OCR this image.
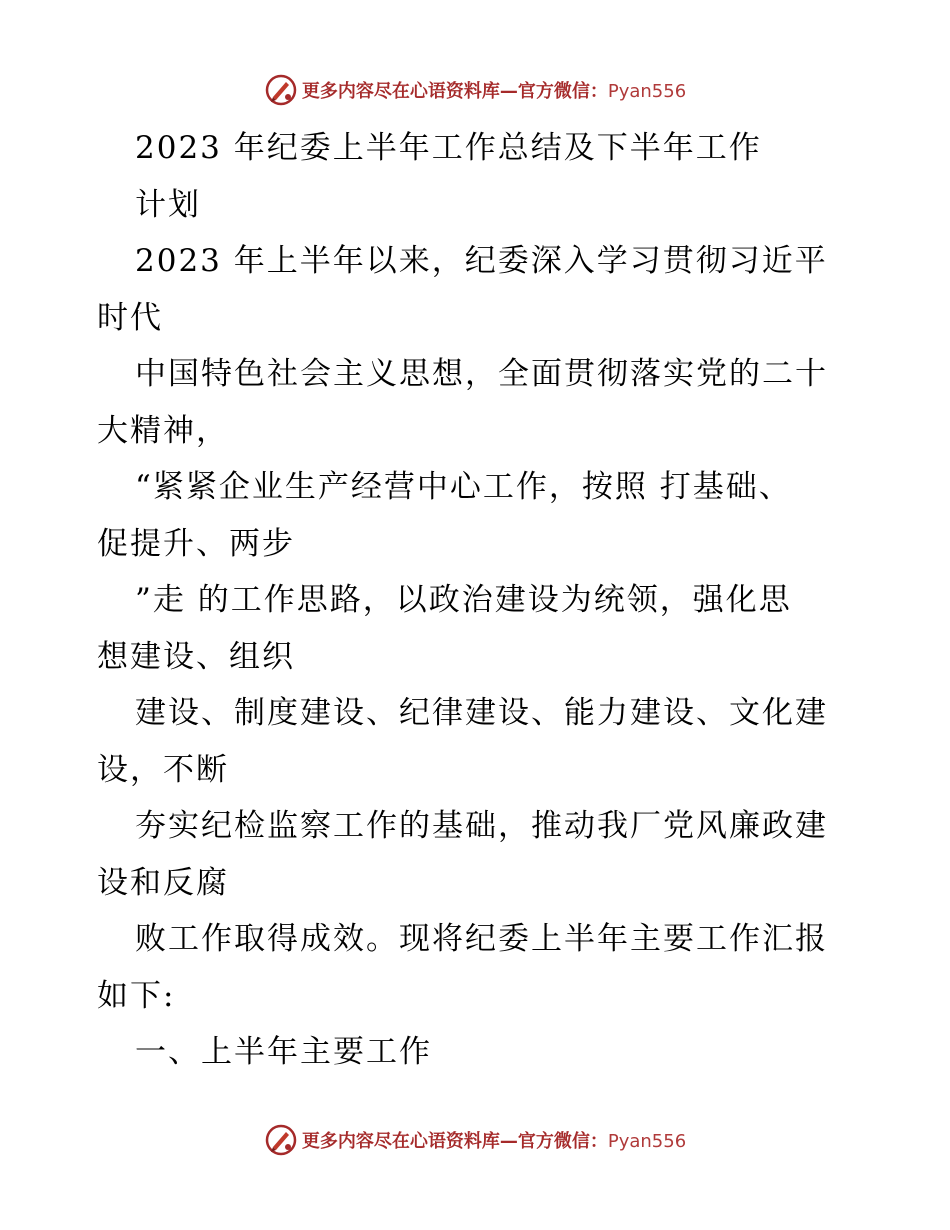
更多内容尽在心语资料库—官方微信：Pyan556
2023 年纪委上半年工作总结及下半年工作
计划
2023 年上半年以来，纪委深入学习贯彻习近平
时代
中国特色社会主义思想，全面贯彻落实党的二十
大精神，
“紧紧企业生产经营中心工作，按照 打基础、
促提升、两步
”走 的工作思路，以政治建设为统领，强化思
想建设、组织
建设、制度建设、纪律建设、能力建设、文化建
设，不断
夯实纪检监察工作的基础，推动我厂党风廉政建
设和反腐
败工作取得成效。现将纪委上半年主要工作汇报
如下:
一、上半年主要工作
更多内容尽在心语资料库—官方微信：Pyan556
